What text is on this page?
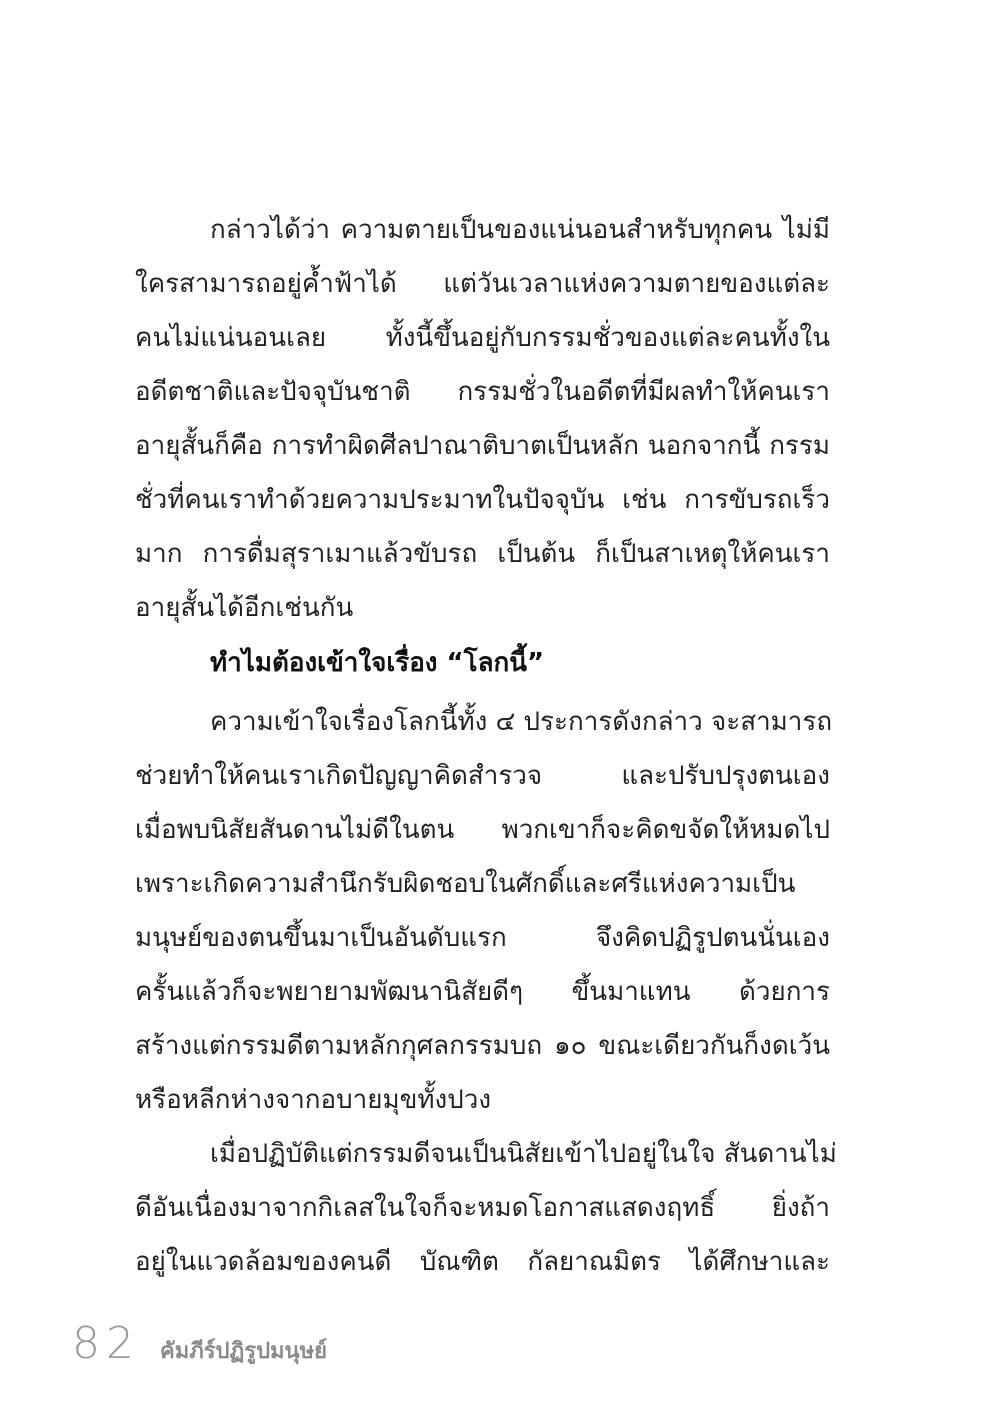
กล่าวได้ว่า ความตายเป็นของแน่นอนสำหรับทุกคน ไม่มี
ใครสามารถอยู่ค้ำฟ้าได้ แต่วันเวลาแห่งความตายของแต่ละ
คนไม่แน่นอนเลย ทั้งนี้ขึ้นอยู่กับกรรมชั่วของแต่ละคนทั้งใน
อดีตชาติและปัจจุบันชาติ กรรมชั่วในอดีตที่มีผลทำให้คนเรา
อายุสั้นก็คือ การทำผิดศีลปาณาติบาตเป็นหลัก นอกจากนี้ กรรม
ชั่วที่คนเราทำด้วยความประมาทในปัจจุบัน เช่น การขับรถเร็ว
มาก การดื่มสุราเมาแล้วขับรถ เป็นต้น ก็เป็นสาเหตุให้คนเรา
อายุสั้นได้อีกเช่นกัน
ทำไมต้องเข้าใจเรื่อง “โลกนี้”
ความเข้าใจเรื่องโลกนี้ทั้ง ๔ ประการดังกล่าว จะสามารถ
ช่วยทำให้คนเราเกิดปัญญาคิดสำรวจ และปรับปรุงตนเอง
เมื่อพบนิสัยสันดานไม่ดีในตน พวกเขาก็จะคิดขจัดให้หมดไป
เพราะเกิดความสำนึกรับผิดชอบในศักดิ์และศรีแห่งความเป็น
มนุษย์ของตนขึ้นมาเป็นอันดับแรก จึงคิดปฏิรูปตนนั่นเอง
ครั้นแล้วก็จะพยายามพัฒนานิสัยดีๆ ขึ้นมาแทน ด้วยการ
สร้างแต่กรรมดีตามหลักกุศลกรรมบถ ๑๐ ขณะเดียวกันก็งดเว้น
หรือหลีกห่างจากอบายมุขทั้งปวง
เมื่อปฏิบัติแต่กรรมดีจนเป็นนิสัยเข้าไปอยู่ในใจ สันดานไม่
ดีอันเนื่องมาจากกิเลสในใจก็จะหมดโอกาสแสดงฤทธิ์ ยิ่งถ้า
อยู่ในแวดล้อมของคนดี บัณฑิต กัลยาณมิตร ได้ศึกษาและ
82 คัมภีร์ปฏิรูปมนุษย์
